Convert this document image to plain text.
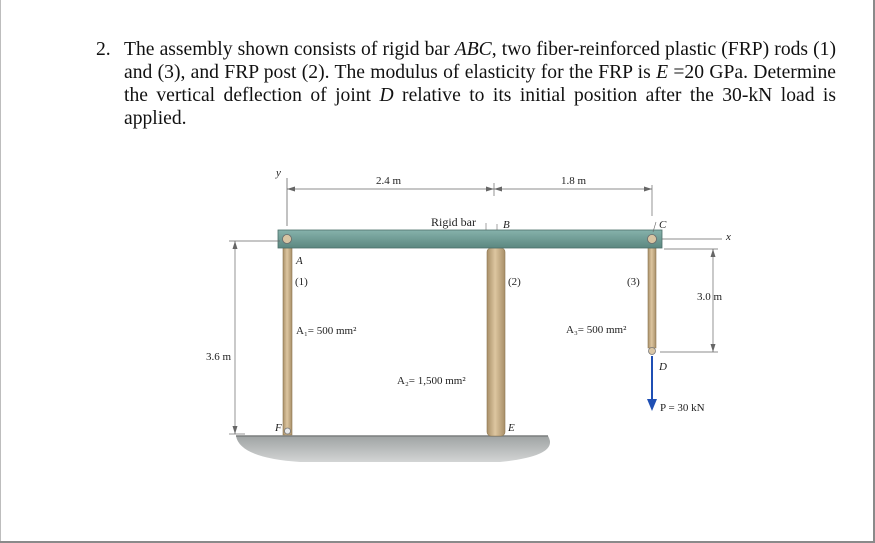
2. The assembly shown consists of rigid bar ABC, two fiber-reinforced plastic (FRP) rods (1) and (3), and FRP post (2). The modulus of elasticity for the FRP is E =20 GPa. Determine the vertical deflection of joint D relative to its initial position after the 30-kN load is applied.
y
2.4 m	1.8 m
x
3.6 m
3.0 m
P = 30 kN
Rigid bar
A
B	C
D
E
F
(1)	(2)	(3)
A₁= 500 mm²
A₂= 1,500 mm²
A₃= 500 mm²
